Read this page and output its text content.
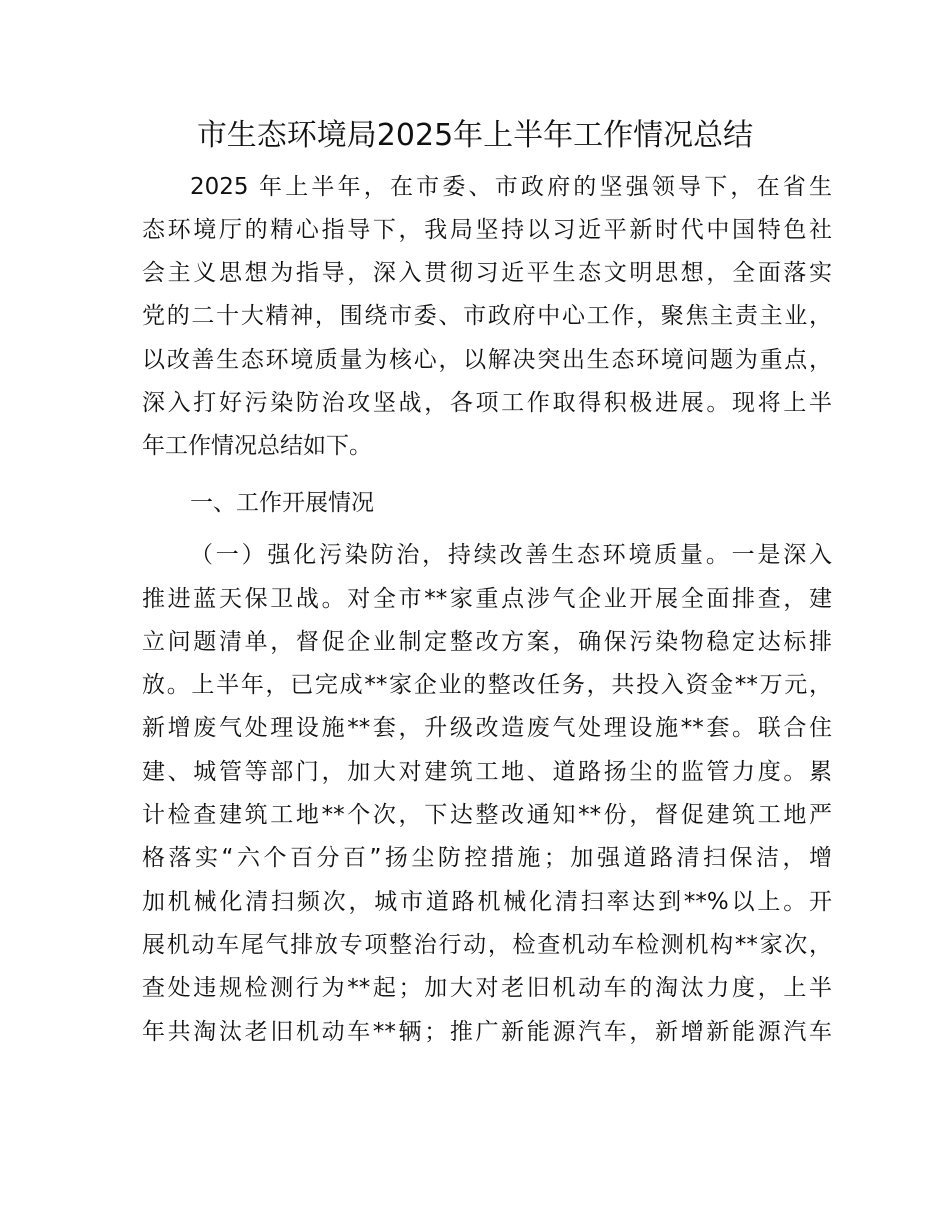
市生态环境局2025年上半年工作情况总结
2025 年上半年，在市委、市政府的坚强领导下，在省生
态环境厅的精心指导下，我局坚持以习近平新时代中国特色社
会主义思想为指导，深入贯彻习近平生态文明思想，全面落实
党的二十大精神，围绕市委、市政府中心工作，聚焦主责主业，
以改善生态环境质量为核心，以解决突出生态环境问题为重点，
深入打好污染防治攻坚战，各项工作取得积极进展。现将上半
年工作情况总结如下。
一、工作开展情况
（一）强化污染防治，持续改善生态环境质量。一是深入
推进蓝天保卫战。对全市**家重点涉气企业开展全面排查，建
立问题清单，督促企业制定整改方案，确保污染物稳定达标排
放。上半年，已完成**家企业的整改任务，共投入资金**万元，
新增废气处理设施**套，升级改造废气处理设施**套。联合住
建、城管等部门，加大对建筑工地、道路扬尘的监管力度。累
计检查建筑工地**个次，下达整改通知**份，督促建筑工地严
格落实“六个百分百”扬尘防控措施；加强道路清扫保洁，增
加机械化清扫频次，城市道路机械化清扫率达到**%以上。开
展机动车尾气排放专项整治行动，检查机动车检测机构**家次，
查处违规检测行为**起；加大对老旧机动车的淘汰力度，上半
年共淘汰老旧机动车**辆；推广新能源汽车，新增新能源汽车
